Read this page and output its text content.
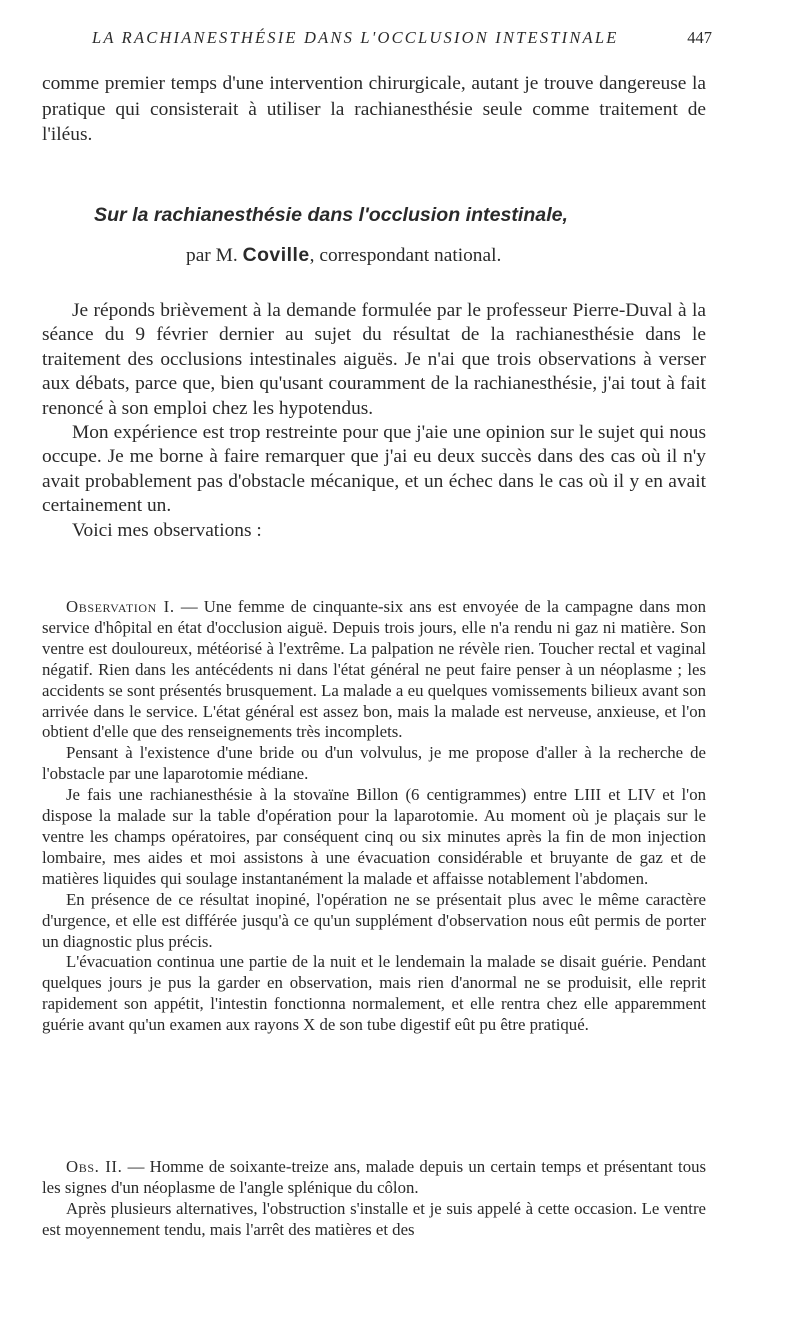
LA RACHIANESTHÉSIE DANS L'OCCLUSION INTESTINALE	447
comme premier temps d'une intervention chirurgicale, autant je trouve dangereuse la pratique qui consisterait à utiliser la rachianesthésie seule comme traitement de l'iléus.
Sur la rachianesthésie dans l'occlusion intestinale,
par M. Coville, correspondant national.

Je réponds brièvement à la demande formulée par le professeur Pierre-Duval à la séance du 9 février dernier au sujet du résultat de la rachianesthésie dans le traitement des occlusions intestinales aiguës. Je n'ai que trois observations à verser aux débats, parce que, bien qu'usant couramment de la rachianesthésie, j'ai tout à fait renoncé à son emploi chez les hypotendus.

Mon expérience est trop restreinte pour que j'aie une opinion sur le sujet qui nous occupe. Je me borne à faire remarquer que j'ai eu deux succès dans des cas où il n'y avait probablement pas d'obstacle mécanique, et un échec dans le cas où il y en avait certainement un.

Voici mes observations :

Observation I. — Une femme de cinquante-six ans est envoyée de la campagne dans mon service d'hôpital en état d'occlusion aiguë. Depuis trois jours, elle n'a rendu ni gaz ni matière. Son ventre est douloureux, météorisé à l'extrême. La palpation ne révèle rien. Toucher rectal et vaginal négatif. Rien dans les antécédents ni dans l'état général ne peut faire penser à un néoplasme ; les accidents se sont présentés brusquement. La malade a eu quelques vomissements bilieux avant son arrivée dans le service. L'état général est assez bon, mais la malade est nerveuse, anxieuse, et l'on obtient d'elle que des renseignements très incomplets.

Pensant à l'existence d'une bride ou d'un volvulus, je me propose d'aller à la recherche de l'obstacle par une laparotomie médiane.

Je fais une rachianesthésie à la stovaïne Billon (6 centigrammes) entre LIII et LIV et l'on dispose la malade sur la table d'opération pour la laparotomie. Au moment où je plaçais sur le ventre les champs opératoires, par conséquent cinq ou six minutes après la fin de mon injection lombaire, mes aides et moi assistons à une évacuation considérable et bruyante de gaz et de matières liquides qui soulage instantanément la malade et affaisse notablement l'abdomen.

En présence de ce résultat inopiné, l'opération ne se présentait plus avec le même caractère d'urgence, et elle est différée jusqu'à ce qu'un supplément d'observation nous eût permis de porter un diagnostic plus précis.

L'évacuation continua une partie de la nuit et le lendemain la malade se disait guérie. Pendant quelques jours je pus la garder en observation, mais rien d'anormal ne se produisit, elle reprit rapidement son appétit, l'intestin fonctionna normalement, et elle rentra chez elle apparemment guérie avant qu'un examen aux rayons X de son tube digestif eût pu être pratiqué.

Obs. II. — Homme de soixante-treize ans, malade depuis un certain temps et présentant tous les signes d'un néoplasme de l'angle splénique du côlon.

Après plusieurs alternatives, l'obstruction s'installe et je suis appelé à cette occasion. Le ventre est moyennement tendu, mais l'arrêt des matières et des
